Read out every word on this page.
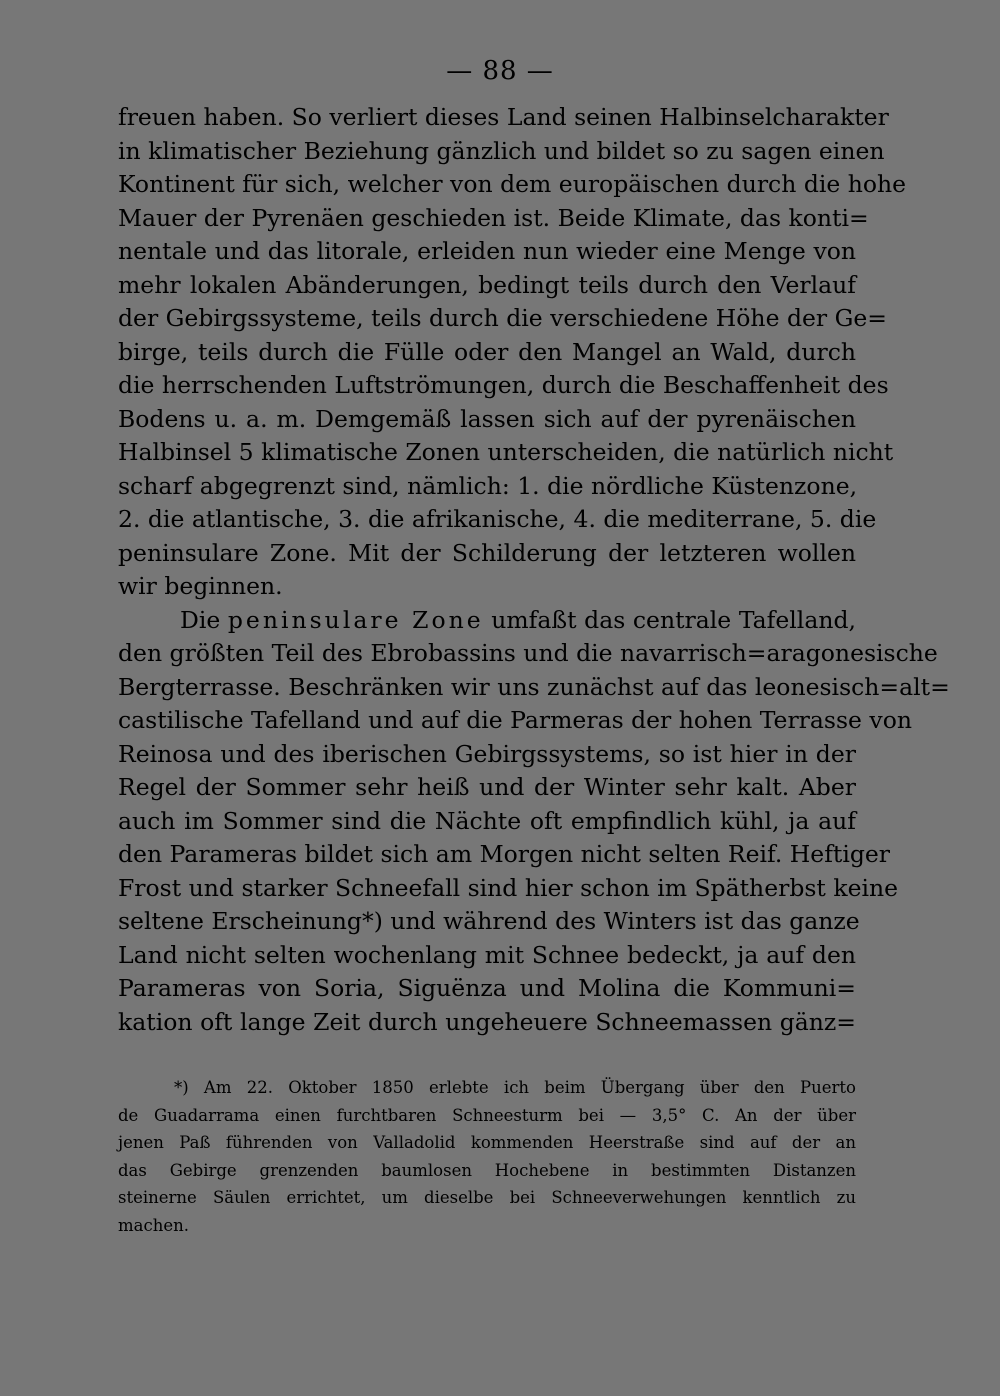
— 88 —
freuen haben. So verliert dieses Land seinen Halbinselcharakter
in klimatischer Beziehung gänzlich und bildet so zu sagen einen
Kontinent für sich, welcher von dem europäischen durch die hohe
Mauer der Pyrenäen geschieden ist. Beide Klimate, das konti=
nentale und das litorale, erleiden nun wieder eine Menge von
mehr lokalen Abänderungen, bedingt teils durch den Verlauf
der Gebirgssysteme, teils durch die verschiedene Höhe der Ge=
birge, teils durch die Fülle oder den Mangel an Wald, durch
die herrschenden Luftströmungen, durch die Beschaffenheit des
Bodens u. a. m. Demgemäß lassen sich auf der pyrenäischen
Halbinsel 5 klimatische Zonen unterscheiden, die natürlich nicht
scharf abgegrenzt sind, nämlich: 1. die nördliche Küstenzone,
2. die atlantische, 3. die afrikanische, 4. die mediterrane, 5. die
peninsulare Zone. Mit der Schilderung der letzteren wollen
wir beginnen.
Die peninsulare Zone umfaßt das centrale Tafelland,
den größten Teil des Ebrobassins und die navarrisch=aragonesische
Bergterrasse. Beschränken wir uns zunächst auf das leonesisch=alt=
castilische Tafelland und auf die Parmeras der hohen Terrasse von
Reinosa und des iberischen Gebirgssystems, so ist hier in der
Regel der Sommer sehr heiß und der Winter sehr kalt. Aber
auch im Sommer sind die Nächte oft empfindlich kühl, ja auf
den Parameras bildet sich am Morgen nicht selten Reif. Heftiger
Frost und starker Schneefall sind hier schon im Spätherbst keine
seltene Erscheinung*) und während des Winters ist das ganze
Land nicht selten wochenlang mit Schnee bedeckt, ja auf den
Parameras von Soria, Siguënza und Molina die Kommuni=
kation oft lange Zeit durch ungeheuere Schneemassen gänz=
*) Am 22. Oktober 1850 erlebte ich beim Übergang über den Puerto
de Guadarrama einen furchtbaren Schneesturm bei — 3,5° C. An der über
jenen Paß führenden von Valladolid kommenden Heerstraße sind auf der an
das Gebirge grenzenden baumlosen Hochebene in bestimmten Distanzen
steinerne Säulen errichtet, um dieselbe bei Schneeverwehungen kenntlich zu
machen.
